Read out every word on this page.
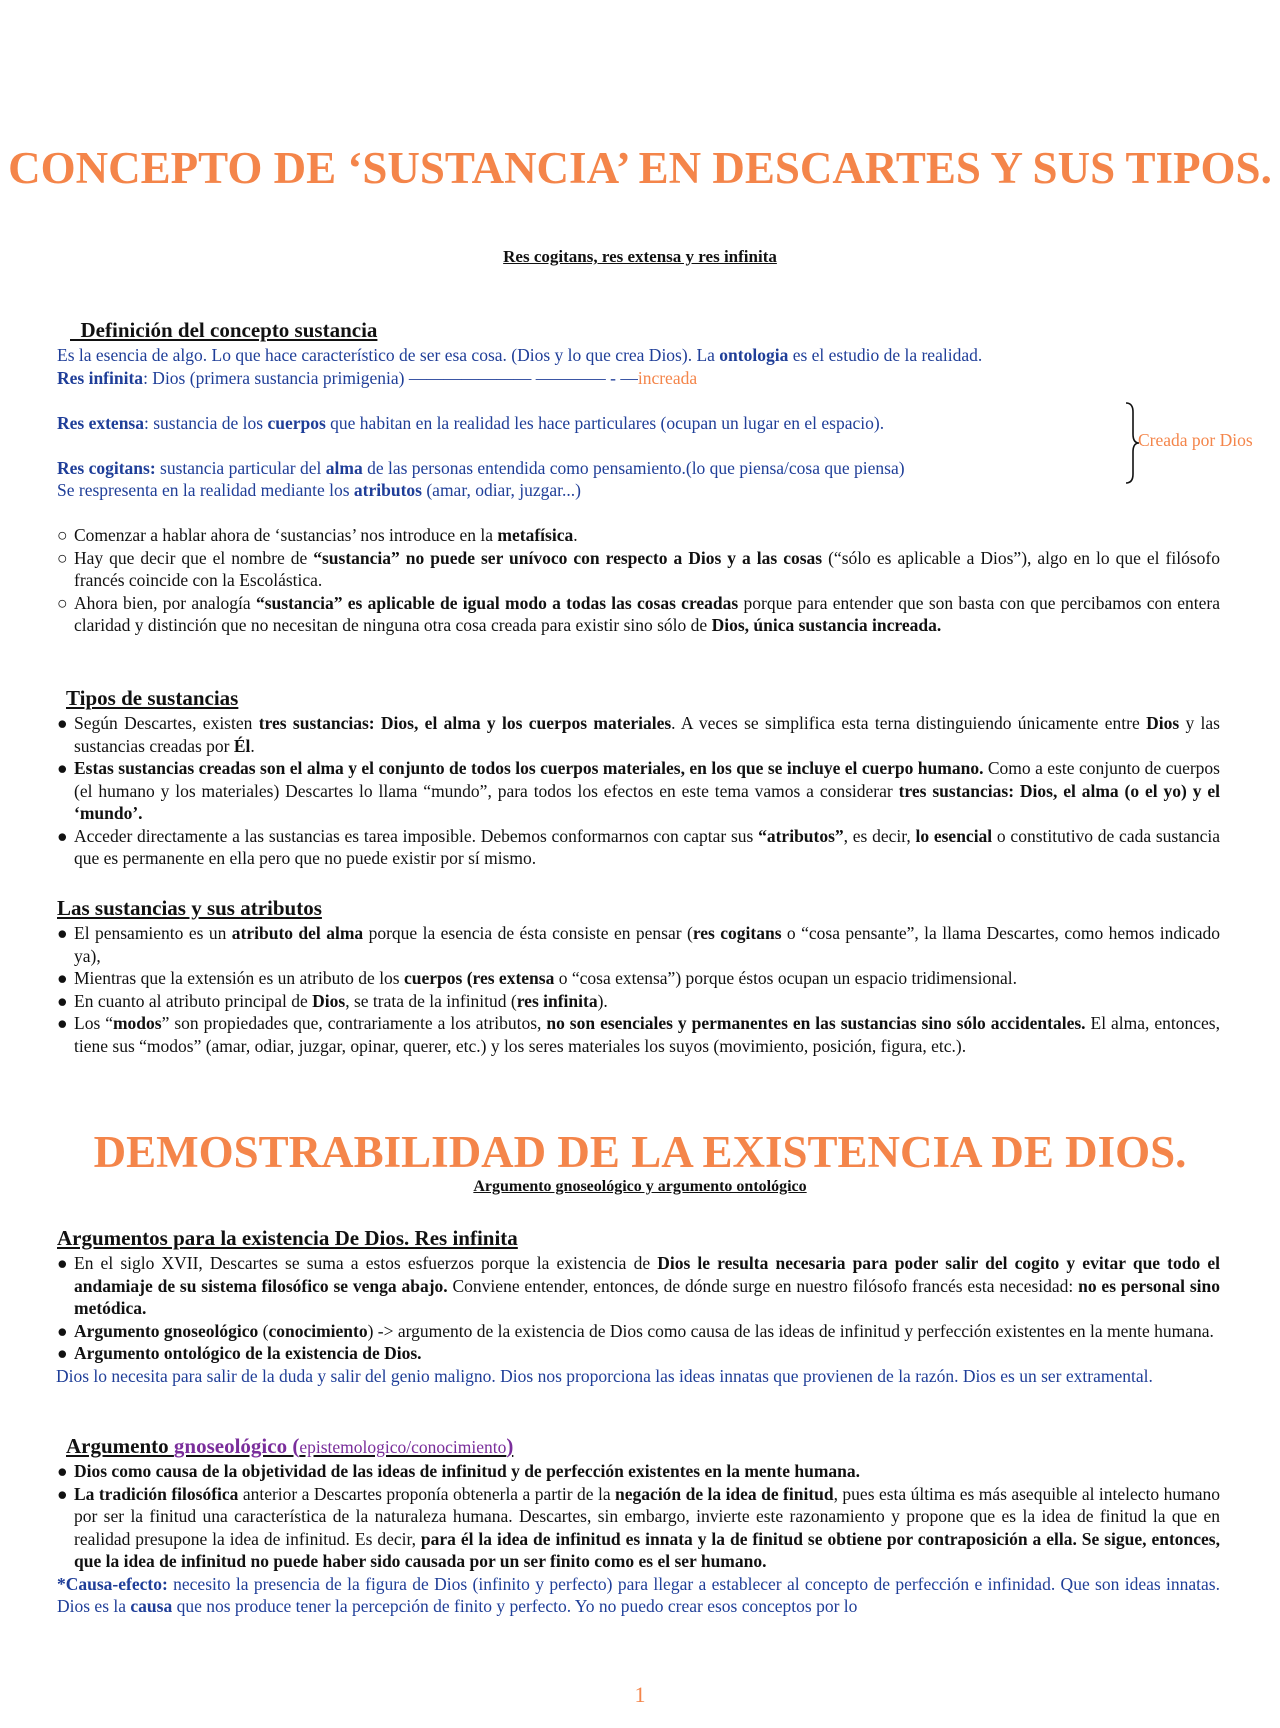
CONCEPTO DE ‘SUSTANCIA’ EN DESCARTES Y SUS TIPOS.
Res cogitans, res extensa y res infinita
Definición del concepto sustancia

Es la esencia de algo. Lo que hace característico de ser esa cosa. (Dios y lo que crea Dios). La ontologia es el estudio de la realidad.

Res infinita: Dios (primera sustancia primigenia) ——————— ———— - —increada

Res extensa: sustancia de los cuerpos que habitan en la realidad les hace particulares (ocupan un lugar en el espacio).

Res cogitans: sustancia particular del alma de las personas entendida como pensamiento.(lo que piensa/cosa que piensa)

Se respresenta en la realidad mediante los atributos (amar, odiar, juzgar...)

Creada por Dios
○ Comenzar a hablar ahora de ‘sustancias’ nos introduce en la metafísica.
○ Hay que decir que el nombre de “sustancia” no puede ser unívoco con respecto a Dios y a las cosas (“sólo es aplicable a Dios”), algo en lo que el filósofo francés coincide con la Escolástica.
○ Ahora bien, por analogía “sustancia” es aplicable de igual modo a todas las cosas creadas porque para entender que son basta con que percibamos con entera claridad y distinción que no necesitan de ninguna otra cosa creada para existir sino sólo de Dios, única sustancia increada.
Tipos de sustancias
● Según Descartes, existen tres sustancias: Dios, el alma y los cuerpos materiales. A veces se simplifica esta terna distinguiendo únicamente entre Dios y las sustancias creadas por Él.
● Estas sustancias creadas son el alma y el conjunto de todos los cuerpos materiales, en los que se incluye el cuerpo humano. Como a este conjunto de cuerpos (el humano y los materiales) Descartes lo llama “mundo”, para todos los efectos en este tema vamos a considerar tres sustancias: Dios, el alma (o el yo) y el ‘mundo’.
● Acceder directamente a las sustancias es tarea imposible. Debemos conformarnos con captar sus “atributos”, es decir, lo esencial o constitutivo de cada sustancia que es permanente en ella pero que no puede existir por sí mismo.
Las sustancias y sus atributos
● El pensamiento es un atributo del alma porque la esencia de ésta consiste en pensar (res cogitans o “cosa pensante”, la llama Descartes, como hemos indicado ya),
● Mientras que la extensión es un atributo de los cuerpos (res extensa o “cosa extensa”) porque éstos ocupan un espacio tridimensional.
● En cuanto al atributo principal de Dios, se trata de la infinitud (res infinita).
● Los “modos” son propiedades que, contrariamente a los atributos, no son esenciales y permanentes en las sustancias sino sólo accidentales. El alma, entonces, tiene sus “modos” (amar, odiar, juzgar, opinar, querer, etc.) y los seres materiales los suyos (movimiento, posición, figura, etc.).
DEMOSTRABILIDAD DE LA EXISTENCIA DE DIOS.
Argumento gnoseológico y argumento ontológico
Argumentos para la existencia De Dios. Res infinita
● En el siglo XVII, Descartes se suma a estos esfuerzos porque la existencia de Dios le resulta necesaria para poder salir del cogito y evitar que todo el andamiaje de su sistema filosófico se venga abajo. Conviene entender, entonces, de dónde surge en nuestro filósofo francés esta necesidad: no es personal sino metódica.
● Argumento gnoseológico (conocimiento) -> argumento de la existencia de Dios como causa de las ideas de infinitud y perfección existentes en la mente humana.
● Argumento ontológico de la existencia de Dios.

Dios lo necesita para salir de la duda y salir del genio maligno. Dios nos proporciona las ideas innatas que provienen de la razón. Dios es un ser extramental.

Argumento gnoseológico (epistemologico/conocimiento)
● Dios como causa de la objetividad de las ideas de infinitud y de perfección existentes en la mente humana.
● La tradición filosófica anterior a Descartes proponía obtenerla a partir de la negación de la idea de finitud, pues esta última es más asequible al intelecto humano por ser la finitud una característica de la naturaleza humana. Descartes, sin embargo, invierte este razonamiento y propone que es la idea de finitud la que en realidad presupone la idea de infinitud. Es decir, para él la idea de infinitud es innata y la de finitud se obtiene por contraposición a ella. Se sigue, entonces, que la idea de infinitud no puede haber sido causada por un ser finito como es el ser humano.

*Causa-efecto: necesito la presencia de la figura de Dios (infinito y perfecto) para llegar a establecer al concepto de perfección e infinidad. Que son ideas innatas. Dios es la causa que nos produce tener la percepción de finito y perfecto. Yo no puedo crear esos conceptos por lo

1
